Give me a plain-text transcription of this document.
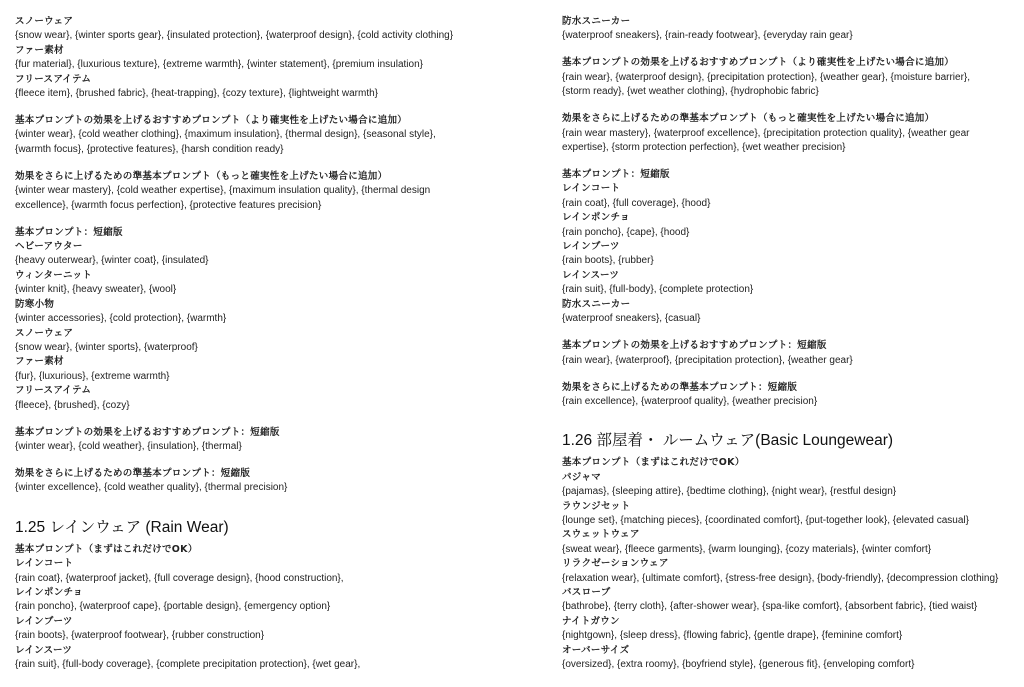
スノーウェア
{snow wear}, {winter sports gear}, {insulated protection}, {waterproof design}, {cold activity clothing}
ファー素材
{fur material}, {luxurious texture}, {extreme warmth}, {winter statement}, {premium insulation}
フリースアイテム
{fleece item}, {brushed fabric}, {heat-trapping}, {cozy texture}, {lightweight warmth}
基本プロンプトの効果を上げるおすすめプロンプト（より確実性を上げたい場合に追加）
{winter wear}, {cold weather clothing}, {maximum insulation}, {thermal design}, {seasonal style},
{warmth focus}, {protective features}, {harsh condition ready}
効果をさらに上げるための準基本プロンプト（もっと確実性を上げたい場合に追加）
{winter wear mastery}, {cold weather expertise}, {maximum insulation quality}, {thermal design
excellence}, {warmth focus perfection}, {protective features precision}
基本プロンプト：短縮版
ヘビーアウター
{heavy outerwear}, {winter coat}, {insulated}
ウィンターニット
{winter knit}, {heavy sweater}, {wool}
防寒小物
{winter accessories}, {cold protection}, {warmth}
スノーウェア
{snow wear}, {winter sports}, {waterproof}
ファー素材
{fur}, {luxurious}, {extreme warmth}
フリースアイテム
{fleece}, {brushed}, {cozy}
基本プロンプトの効果を上げるおすすめプロンプト：短縮版
{winter wear}, {cold weather}, {insulation}, {thermal}
効果をさらに上げるための準基本プロンプト：短縮版
{winter excellence}, {cold weather quality}, {thermal precision}
1.25 レインウェア (Rain Wear)
基本プロンプト（まずはこれだけでOK）
レインコート
{rain coat}, {waterproof jacket}, {full coverage design}, {hood construction},
レインポンチョ
{rain poncho}, {waterproof cape}, {portable design}, {emergency option}
レインブーツ
{rain boots}, {waterproof footwear}, {rubber construction}
レインスーツ
{rain suit}, {full-body coverage}, {complete precipitation protection}, {wet gear},
防水スニーカー
{waterproof sneakers}, {rain-ready footwear}, {everyday rain gear}
基本プロンプトの効果を上げるおすすめプロンプト（より確実性を上げたい場合に追加）
{rain wear}, {waterproof design}, {precipitation protection}, {weather gear}, {moisture barrier},
{storm ready}, {wet weather clothing}, {hydrophobic fabric}
効果をさらに上げるための準基本プロンプト（もっと確実性を上げたい場合に追加）
{rain wear mastery}, {waterproof excellence}, {precipitation protection quality}, {weather gear
expertise}, {storm protection perfection}, {wet weather precision}
基本プロンプト：短縮版
レインコート
{rain coat}, {full coverage}, {hood}
レインポンチョ
{rain poncho}, {cape}, {hood}
レインブーツ
{rain boots}, {rubber}
レインスーツ
{rain suit}, {full-body}, {complete protection}
防水スニーカー
{waterproof sneakers}, {casual}
基本プロンプトの効果を上げるおすすめプロンプト：短縮版
{rain wear}, {waterproof}, {precipitation protection}, {weather gear}
効果をさらに上げるための準基本プロンプト：短縮版
{rain excellence}, {waterproof quality}, {weather precision}
1.26 部屋着・ ルームウェア(Basic Loungewear)
基本プロンプト（まずはこれだけでOK）
パジャマ
{pajamas}, {sleeping attire}, {bedtime clothing}, {night wear}, {restful design}
ラウンジセット
{lounge set}, {matching pieces}, {coordinated comfort}, {put-together look}, {elevated casual}
スウェットウェア
{sweat wear}, {fleece garments}, {warm lounging}, {cozy materials}, {winter comfort}
リラクゼーションウェア
{relaxation wear}, {ultimate comfort}, {stress-free design}, {body-friendly}, {decompression clothing}
バスローブ
{bathrobe}, {terry cloth}, {after-shower wear}, {spa-like comfort}, {absorbent fabric}, {tied waist}
ナイトガウン
{nightgown}, {sleep dress}, {flowing fabric}, {gentle drape}, {feminine comfort}
オーバーサイズ
{oversized}, {extra roomy}, {boyfriend style}, {generous fit}, {enveloping comfort}
